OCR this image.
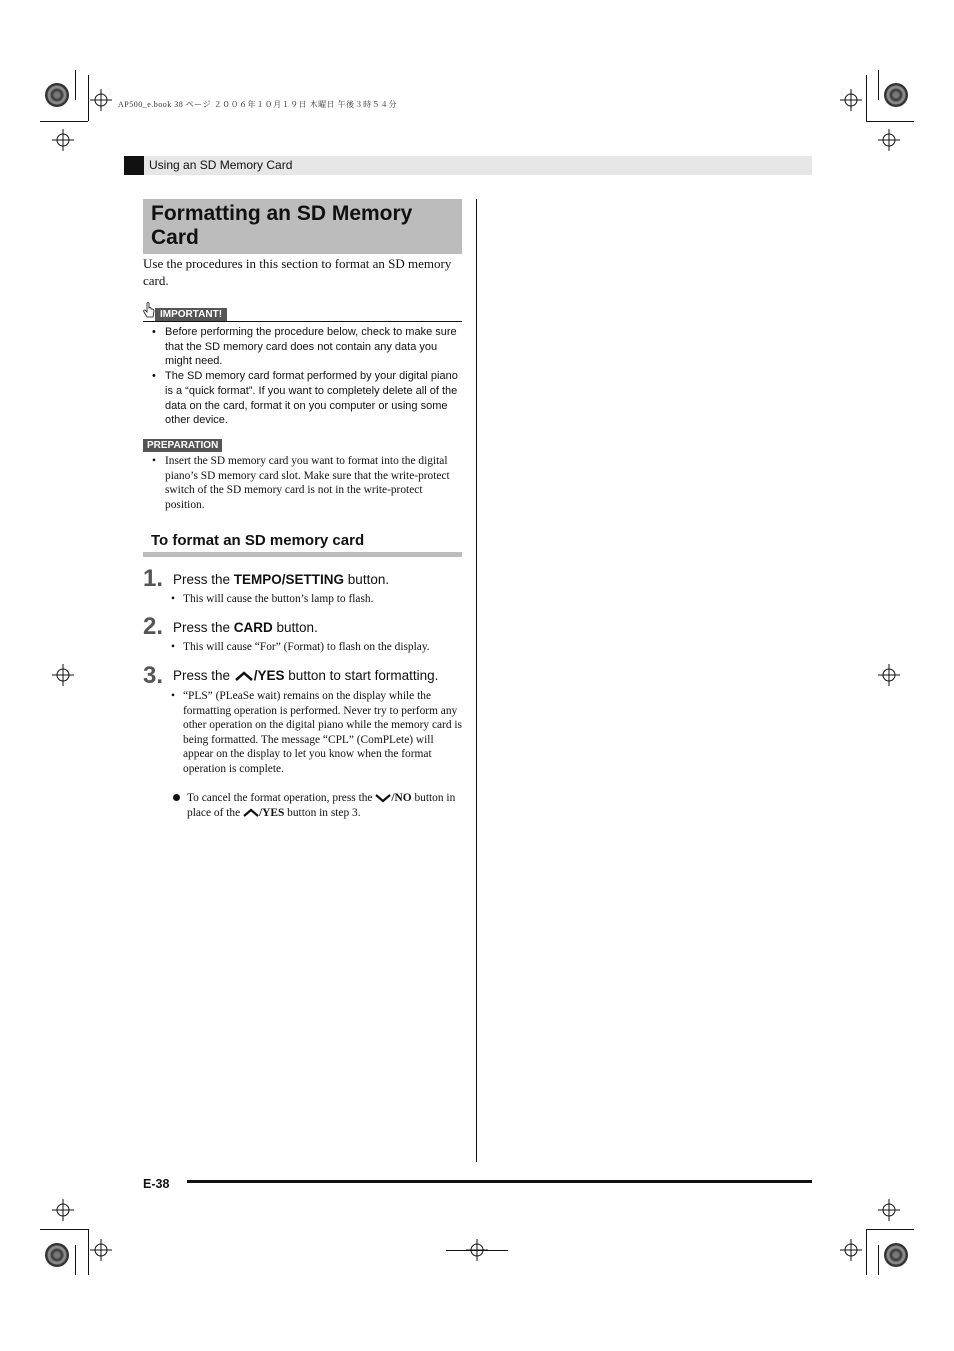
AP500_e.book 38 ページ ２００６年１０月１９日 木曜日 午後３時５４分
Using an SD Memory Card
Formatting an SD Memory Card
Use the procedures in this section to format an SD memory card.
IMPORTANT!
• Before performing the procedure below, check to make sure that the SD memory card does not contain any data you might need.
• The SD memory card format performed by your digital piano is a “quick format”. If you want to completely delete all of the data on the card, format it on you computer or using some other device.
PREPARATION
• Insert the SD memory card you want to format into the digital piano’s SD memory card slot. Make sure that the write-protect switch of the SD memory card is not in the write-protect position.
To format an SD memory card
1. Press the TEMPO/SETTING button.
• This will cause the button’s lamp to flash.
2. Press the CARD button.
• This will cause “For” (Format) to flash on the display.
3. Press the /YES button to start formatting.
• “PLS” (PLeaSe wait) remains on the display while the formatting operation is performed. Never try to perform any other operation on the digital piano while the memory card is being formatted. The message “CPL” (ComPLete) will appear on the display to let you know when the format operation is complete.
To cancel the format operation, press the /NO button in place of the /YES button in step 3.
E-38
